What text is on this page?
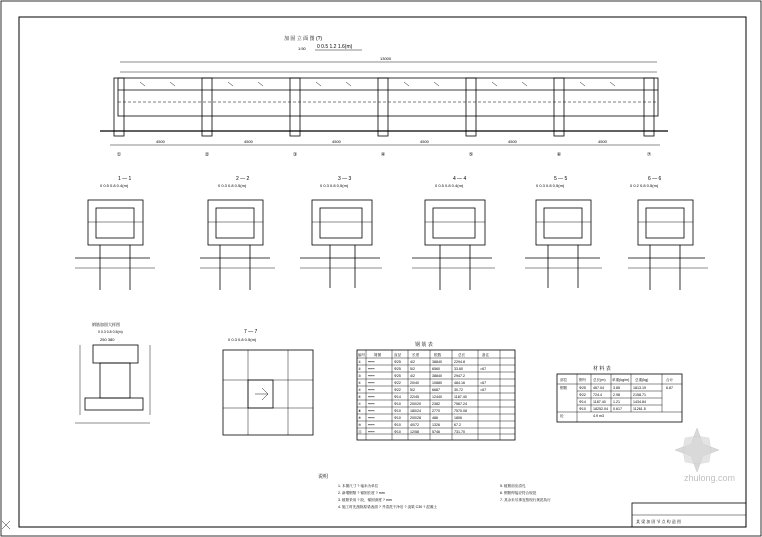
加 固 立 面 图 (?)
1:50 0 0.5 1.2 1.6(m)
13000
4500	4500	4500	4500	4500	4500
①	②	③	④	⑤	⑥	⑦
1 — 1
0 0.5 0.8 0.4(m)
2 — 2
0 0.3 0.8 0.5(m)
3 — 3
0 0.3 0.8 0.5(m)
4 — 4
0 0.5 0.8 0.4(m)
5 — 5
0 0.3 0.8 0.5(m)
6 — 6
0 0.2 0.8 0.5(m)
钢筋加固大样图
0 0.3 0.8 0.5(m)
250 380
7 — 7
0 0.3 0.8 0.5(m)
钢 筋 表
编号 简图	直径	长度	根数	总长	备注
① ━━━	Φ25	4/2	38840	2294.8
② ━━━	Φ25	5/2	6560	33.60	=67
③ ━━━	Φ25	4/2	38840	2947.2
④ ━━━	Φ22	20/40	10880	484.16	=67
⑤ ━━━	Φ22	5/2	6687	30.72	=67
⑥ ━━━	Φ14	22/45	12440	1187.40
⑦ ━━━	Φ10	200/20	2382	7567.24
⑧ ━━━	Φ10	180/24	2770	7570.08
⑨ ━━━	Φ10	200/28	486	1806
⑩ ━━━	Φ10	40/72	1326	67.2
⑪ ━━━	Φ10	12/58	5746	731.70
材 料 表
部位	钢号 总长(m) 单重(kg/m) 总重(kg)	合计
钢筋	Φ25 467.04	3.85	1813.19	6.87
Φ22 724.4	2.98	2158.71
Φ14 1187.40 1.21	1434.84
Φ10 18252.04 0.617	11261.5
砼	4.9 m3
说明
1. 本图尺寸 ? 毫米为单位
2. 新增钢筋 ? 锚固长度 ? mm
3. 植筋采用 ? 胶，锚固深度 ? mm
4. 施工时先凿除原梁表面 ? 并清洗干净后 ? 浇筑 C30 ? 混凝土
5. 植筋前应清孔
6. 钢筋焊接应符合规范
7. 其余未尽事宜按现行规范执行
zhulong.com
某 梁 加 固 节 点 构 造 图
